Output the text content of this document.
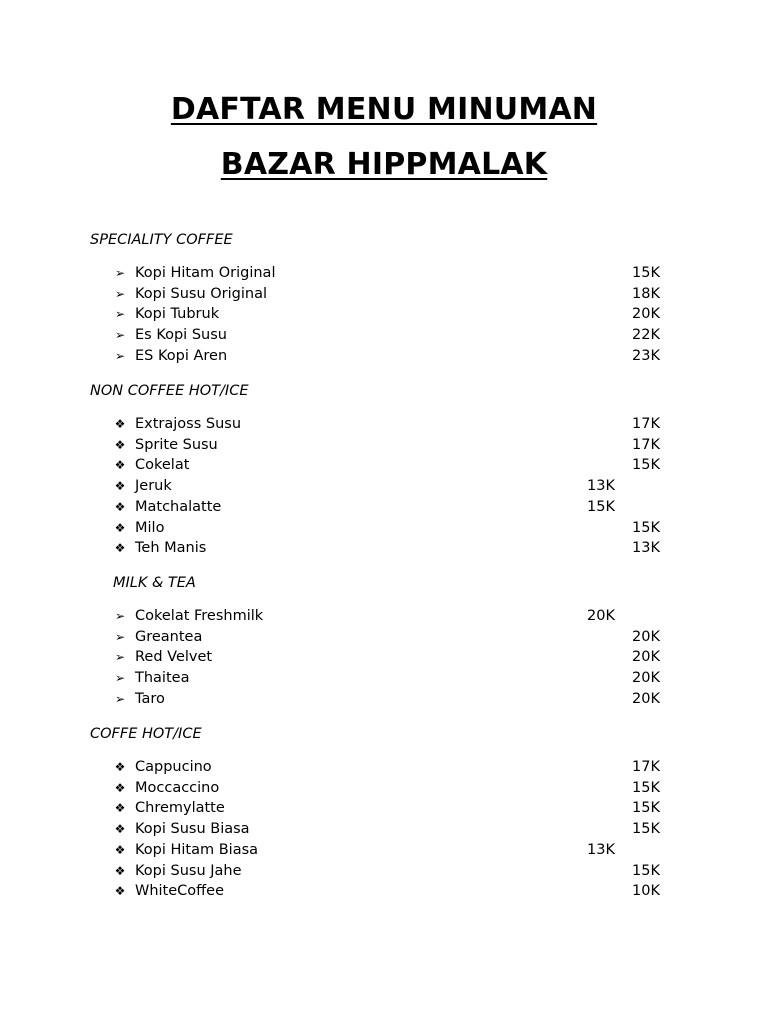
DAFTAR MENU MINUMAN
BAZAR HIPPMALAK
SPECIALITY COFFEE
➢ Kopi Hitam Original	15K
➢ Kopi Susu Original	18K
➢ Kopi Tubruk	20K
➢ Es Kopi Susu	22K
➢ ES Kopi Aren	23K
NON COFFEE HOT/ICE
❖ Extrajoss Susu	17K
❖ Sprite Susu	17K
❖ Cokelat	15K
❖ Jeruk	13K
❖ Matchalatte	15K
❖ Milo	15K
❖ Teh Manis	13K
MILK & TEA
➢ Cokelat Freshmilk	20K
➢ Greantea	20K
➢ Red Velvet	20K
➢ Thaitea	20K
➢ Taro	20K
COFFE HOT/ICE
❖ Cappucino	17K
❖ Moccaccino	15K
❖ Chremylatte	15K
❖ Kopi Susu Biasa	15K
❖ Kopi Hitam Biasa	13K
❖ Kopi Susu Jahe	15K
❖ WhiteCoffee	10K
